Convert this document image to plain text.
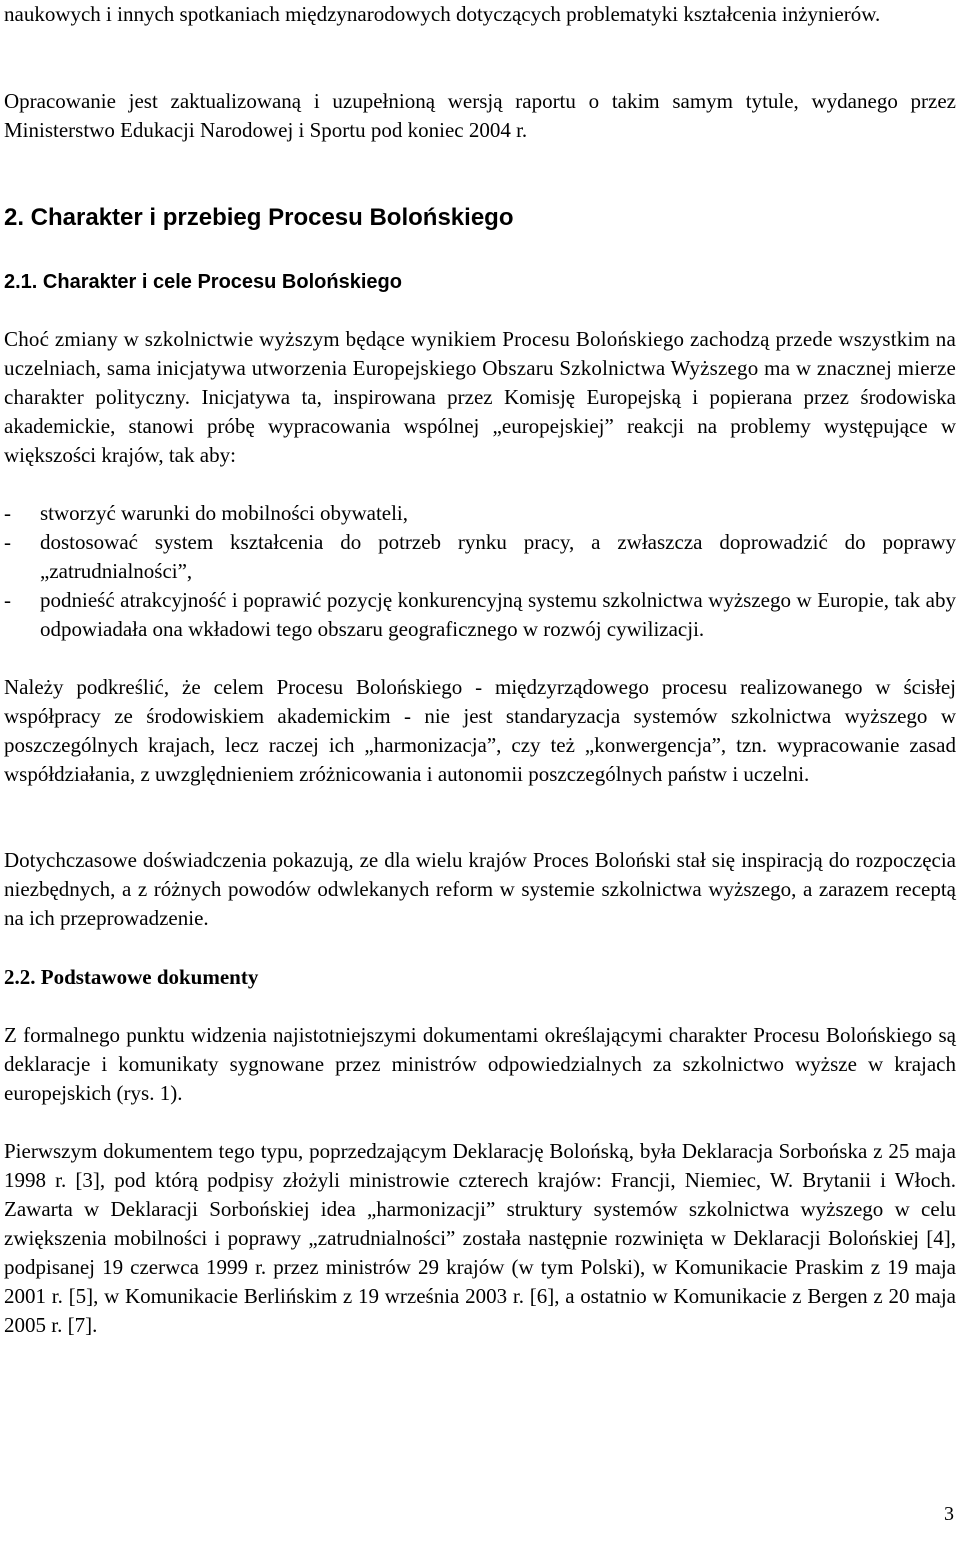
naukowych i innych spotkaniach międzynarodowych dotyczących problematyki kształcenia inżynierów.

Opracowanie jest zaktualizowaną i uzupełnioną wersją raportu o takim samym tytule, wydanego przez Ministerstwo Edukacji Narodowej i Sportu pod koniec 2004 r.

2. Charakter i przebieg Procesu Bolońskiego
2.1. Charakter i cele Procesu Bolońskiego
Choć zmiany w szkolnictwie wyższym będące wynikiem Procesu Bolońskiego zachodzą przede wszystkim na uczelniach, sama inicjatywa utworzenia Europejskiego Obszaru Szkolnictwa Wyższego ma w znacznej mierze charakter polityczny. Inicjatywa ta, inspirowana przez Komisję Europejską i popierana przez środowiska akademickie, stanowi próbę wypracowania wspólnej „europejskiej” reakcji na problemy występujące w większości krajów, tak aby:
- stworzyć warunki do mobilności obywateli,
- dostosować system kształcenia do potrzeb rynku pracy, a zwłaszcza doprowadzić do poprawy „zatrudnialności”,
- podnieść atrakcyjność i poprawić pozycję konkurencyjną systemu szkolnictwa wyższego w Europie, tak aby odpowiadała ona wkładowi tego obszaru geograficznego w rozwój cywilizacji.

Należy podkreślić, że celem Procesu Bolońskiego - międzyrządowego procesu realizowanego w ścisłej współpracy ze środowiskiem akademickim - nie jest standaryzacja systemów szkolnictwa wyższego w poszczególnych krajach, lecz raczej ich „harmonizacja”, czy też „konwergencja”, tzn. wypracowanie zasad współdziałania, z uwzględnieniem zróżnicowania i autonomii poszczególnych państw i uczelni.

Dotychczasowe doświadczenia pokazują, ze dla wielu krajów Proces Boloński stał się inspiracją do rozpoczęcia niezbędnych, a z różnych powodów odwlekanych reform w systemie szkolnictwa wyższego, a zarazem receptą na ich przeprowadzenie.

2.2. Podstawowe dokumenty

Z formalnego punktu widzenia najistotniejszymi dokumentami określającymi charakter Procesu Bolońskiego są deklaracje i komunikaty sygnowane przez ministrów odpowiedzialnych za szkolnictwo wyższe w krajach europejskich (rys. 1).

Pierwszym dokumentem tego typu, poprzedzającym Deklarację Bolońską, była Deklaracja Sorbońska z 25 maja 1998 r. [3], pod którą podpisy złożyli ministrowie czterech krajów: Francji, Niemiec, W. Brytanii i Włoch. Zawarta w Deklaracji Sorbońskiej idea „harmonizacji” struktury systemów szkolnictwa wyższego w celu zwiększenia mobilności i poprawy „zatrudnialności” została następnie rozwinięta w Deklaracji Bolońskiej [4], podpisanej 19 czerwca 1999 r. przez ministrów 29 krajów (w tym Polski), w Komunikacie Praskim z 19 maja 2001 r. [5], w Komunikacie Berlińskim z 19 września 2003 r. [6], a ostatnio w Komunikacie z Bergen z 20 maja 2005 r. [7].

3
